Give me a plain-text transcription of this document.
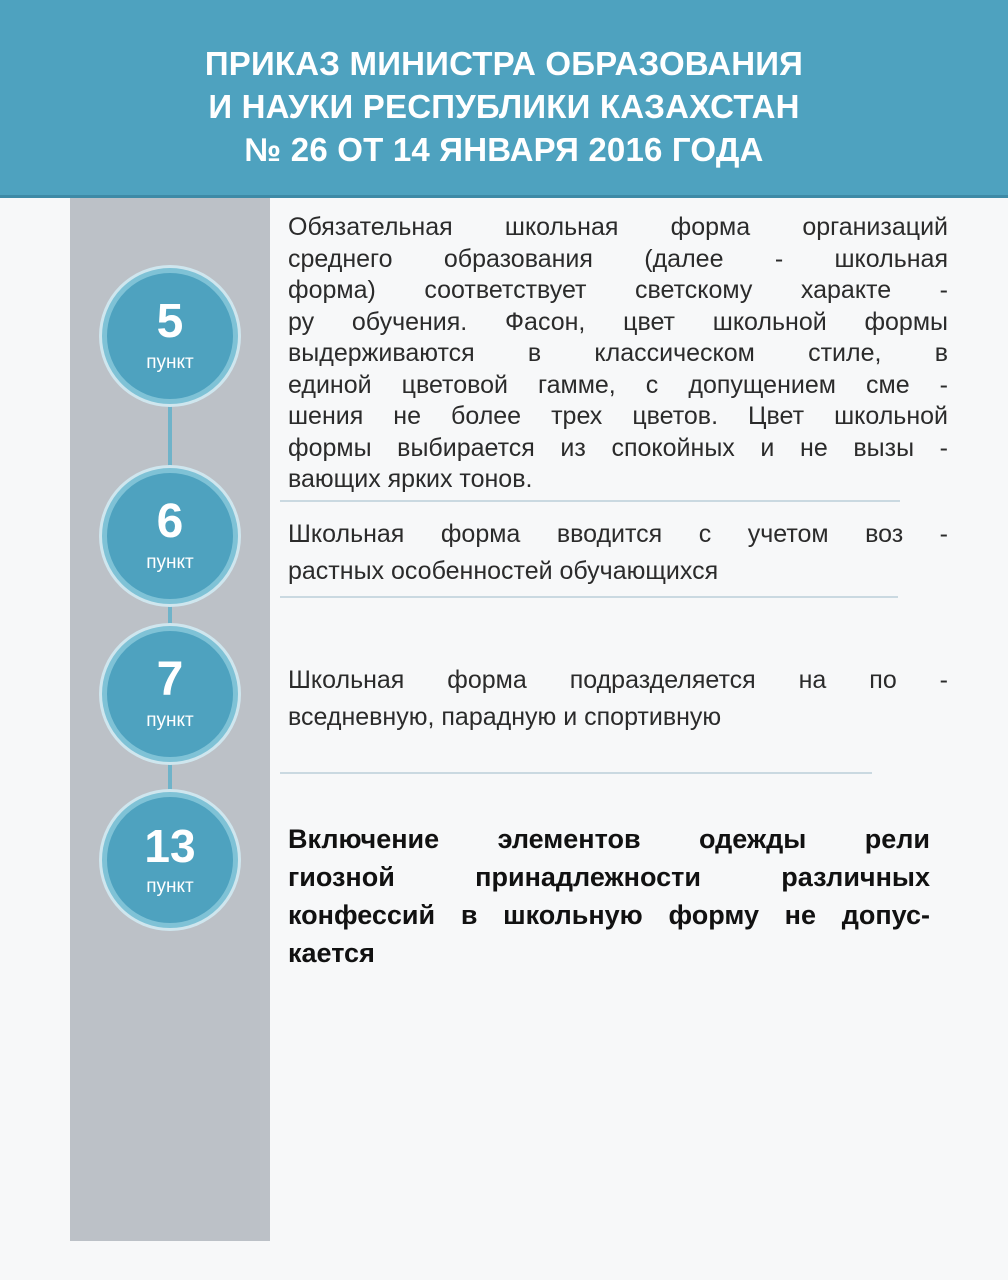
ПРИКАЗ МИНИСТРА ОБРАЗОВАНИЯ
И НАУКИ РЕСПУБЛИКИ КАЗАХСТАН
№ 26 ОТ 14 ЯНВАРЯ 2016 ГОДА
5
пункт
Обязательная школьная форма организаций
среднего образования (далее - школьная
форма) соответствует светскому характе -
ру обучения. Фасон, цвет школьной формы
выдерживаются в классическом стиле, в
единой цветовой гамме, с допущением сме -
шения не более трех цветов. Цвет школьной
формы выбирается из спокойных и не вызы -
вающих ярких тонов.
6
пункт
Школьная форма вводится с учетом воз -
растных особенностей обучающихся
7
пункт
Школьная форма подразделяется на по -
вседневную, парадную и спортивную
13
пункт
Включение элементов одежды рели
гиозной принадлежности различных
конфессий в школьную форму не допус-
кается
